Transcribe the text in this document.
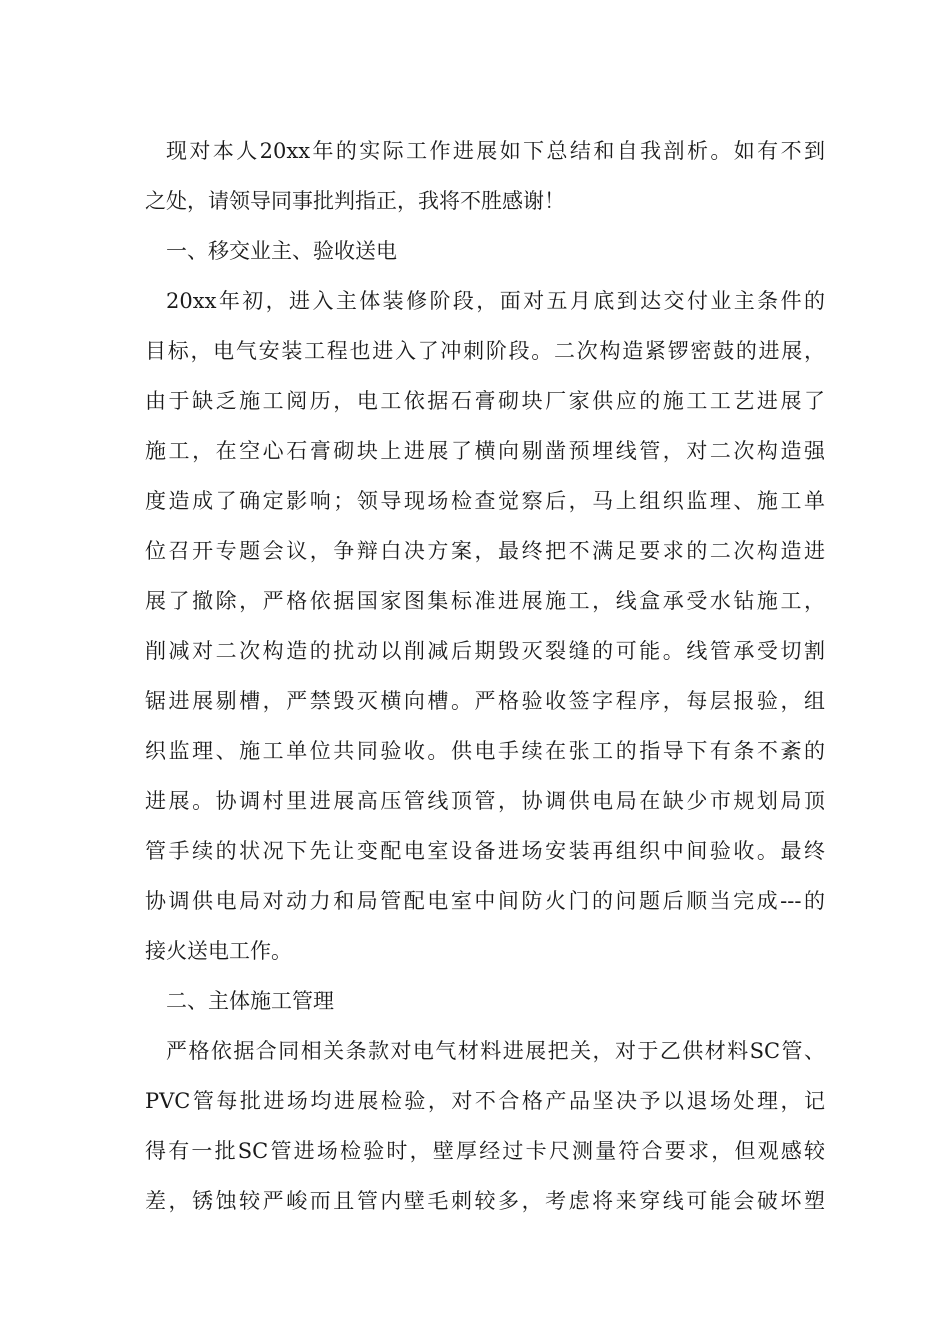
现对本人20xx年的实际工作进展如下总结和自我剖析。如有不到
之处，请领导同事批判指正，我将不胜感谢！
一、移交业主、验收送电
20xx年初，进入主体装修阶段，面对五月底到达交付业主条件的
目标，电气安装工程也进入了冲刺阶段。二次构造紧锣密鼓的进展，
由于缺乏施工阅历，电工依据石膏砌块厂家供应的施工工艺进展了
施工，在空心石膏砌块上进展了横向剔凿预埋线管，对二次构造强
度造成了确定影响；领导现场检查觉察后，马上组织监理、施工单
位召开专题会议，争辩白决方案，最终把不满足要求的二次构造进
展了撤除，严格依据国家图集标准进展施工，线盒承受水钻施工，
削减对二次构造的扰动以削减后期毁灭裂缝的可能。线管承受切割
锯进展剔槽，严禁毁灭横向槽。严格验收签字程序，每层报验，组
织监理、施工单位共同验收。供电手续在张工的指导下有条不紊的
进展。协调村里进展高压管线顶管，协调供电局在缺少市规划局顶
管手续的状况下先让变配电室设备进场安装再组织中间验收。最终
协调供电局对动力和局管配电室中间防火门的问题后顺当完成---的
接火送电工作。
二、主体施工管理
严格依据合同相关条款对电气材料进展把关，对于乙供材料SC管、
PVC管每批进场均进展检验，对不合格产品坚决予以退场处理，记
得有一批SC管进场检验时，壁厚经过卡尺测量符合要求，但观感较
差，锈蚀较严峻而且管内壁毛刺较多，考虑将来穿线可能会破坏塑
